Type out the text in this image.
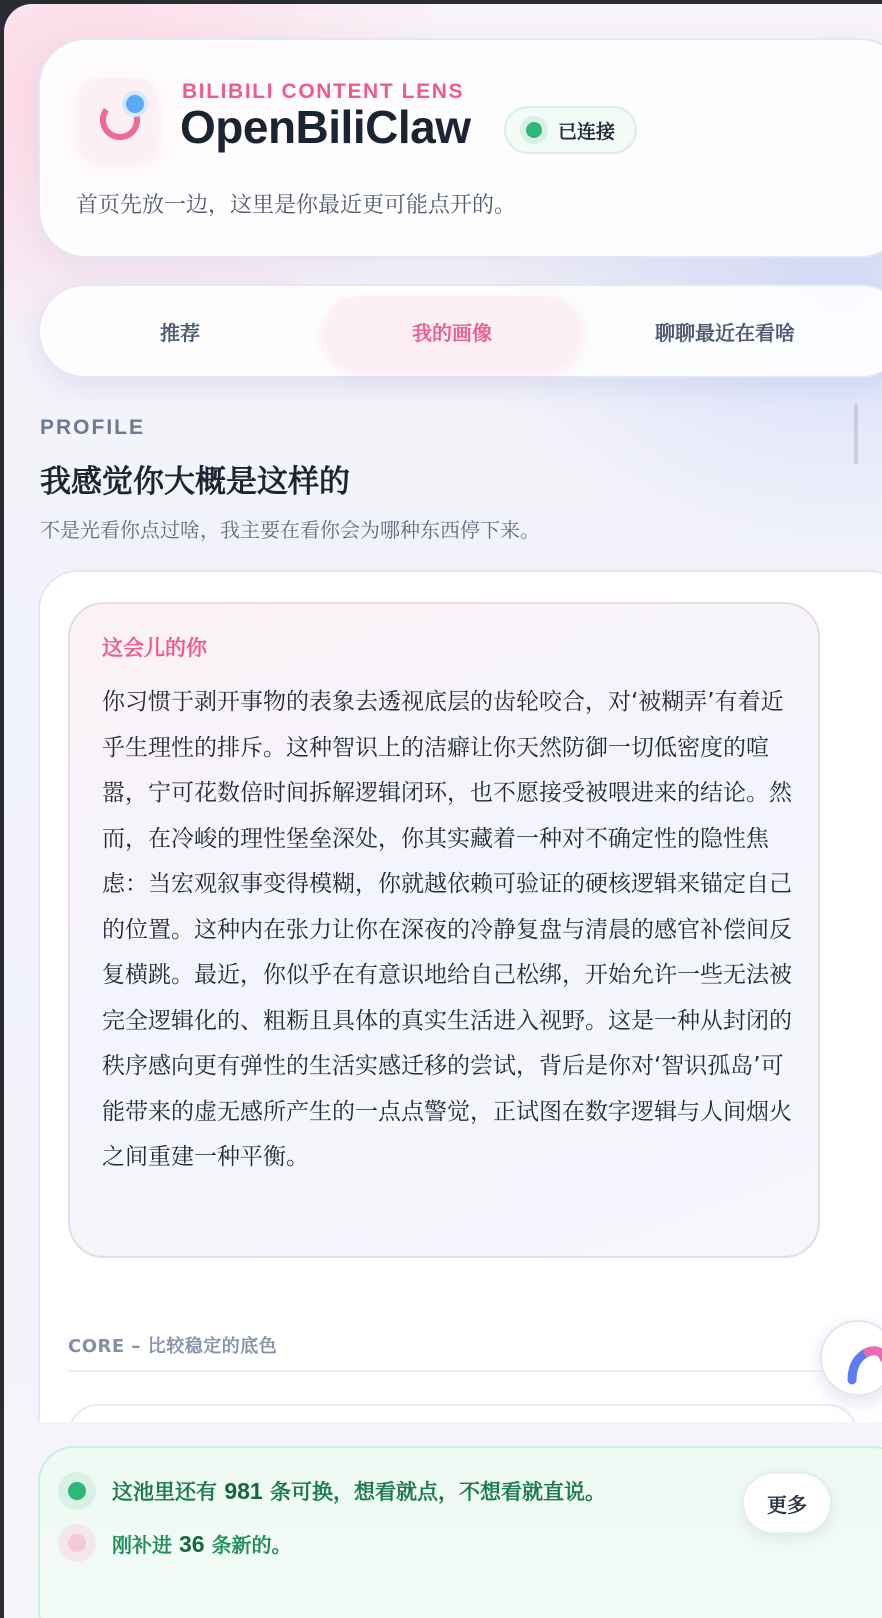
BILIBILI CONTENT LENS
OpenBiliClaw	已连接
首页先放一边，这里是你最近更可能点开的。
推荐	我的画像	聊聊最近在看啥
PROFILE
我感觉你大概是这样的
不是光看你点过啥，我主要在看你会为哪种东西停下来。
这会儿的你
你习惯于剥开事物的表象去透视底层的齿轮咬合，对‘被糊弄’有着近乎生理性的排斥。这种智识上的洁癖让你天然防御一切低密度的喧嚣，宁可花数倍时间拆解逻辑闭环，也不愿接受被喂进来的结论。然而，在冷峻的理性堡垒深处，你其实藏着一种对不确定性的隐性焦虑：当宏观叙事变得模糊，你就越依赖可验证的硬核逻辑来锚定自己的位置。这种内在张力让你在深夜的冷静复盘与清晨的感官补偿间反复横跳。最近，你似乎在有意识地给自己松绑，开始允许一些无法被完全逻辑化的、粗粝且具体的真实生活进入视野。这是一种从封闭的秩序感向更有弹性的生活实感迁移的尝试，背后是你对‘智识孤岛’可能带来的虚无感所产生的一点点警觉，正试图在数字逻辑与人间烟火之间重建一种平衡。
CORE – 比较稳定的底色
这池里还有 981 条可换，想看就点，不想看就直说。
刚补进 36 条新的。
更多
